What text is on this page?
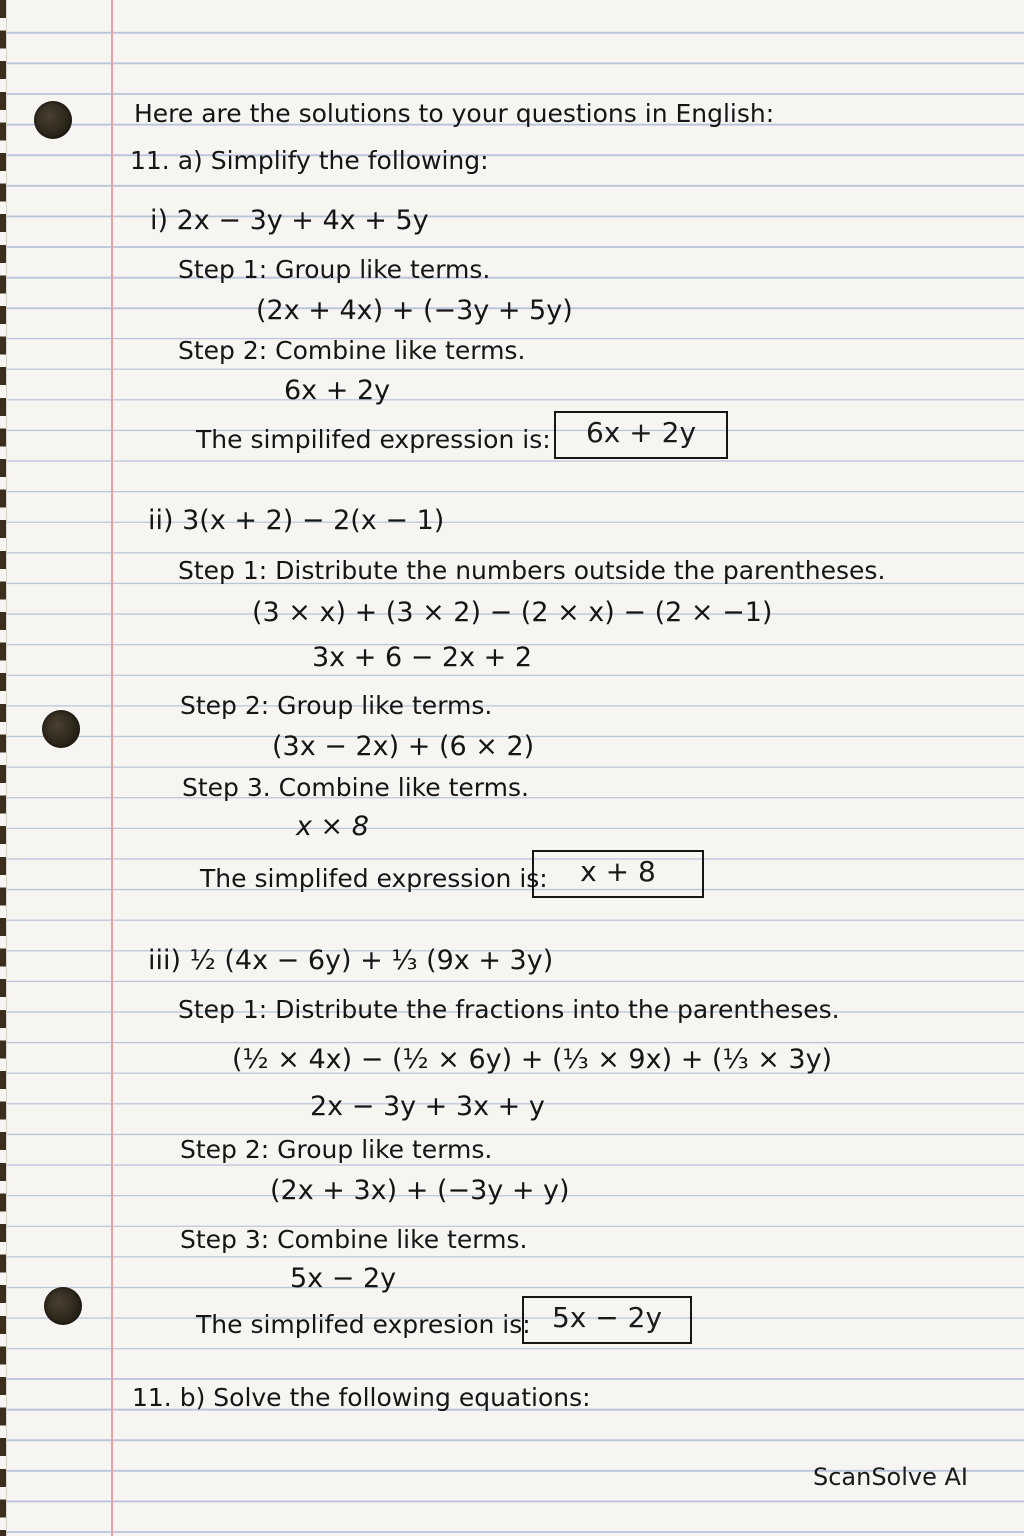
Here are the solutions to your questions in English:
11. a) Simplify the following:
i) 2x − 3y + 4x + 5y
Step 1: Group like terms.
(2x + 4x) + (−3y + 5y)
Step 2: Combine like terms.
6x + 2y
The simpilifed expression is:	6x + 2y
ii) 3(x + 2) − 2(x − 1)
Step 1: Distribute the numbers outside the parentheses.
(3 × x) + (3 × 2) − (2 × x) − (2 × −1)
3x + 6 − 2x + 2
Step 2: Group like terms.
(3x − 2x) + (6 × 2)
Step 3. Combine like terms.
x × 8
The simplifed expression is:	x + 8
iii) ½ (4x − 6y) + ⅓ (9x + 3y)
Step 1: Distribute the fractions into the parentheses.
(½ × 4x) − (½ × 6y) + (⅓ × 9x) + (⅓ × 3y)
2x − 3y + 3x + y
Step 2: Group like terms.
(2x + 3x) + (−3y + y)
Step 3: Combine like terms.
5x − 2y
The simplifed expresion is: 5x − 2y
11. b) Solve the following equations:
ScanSolve AI
